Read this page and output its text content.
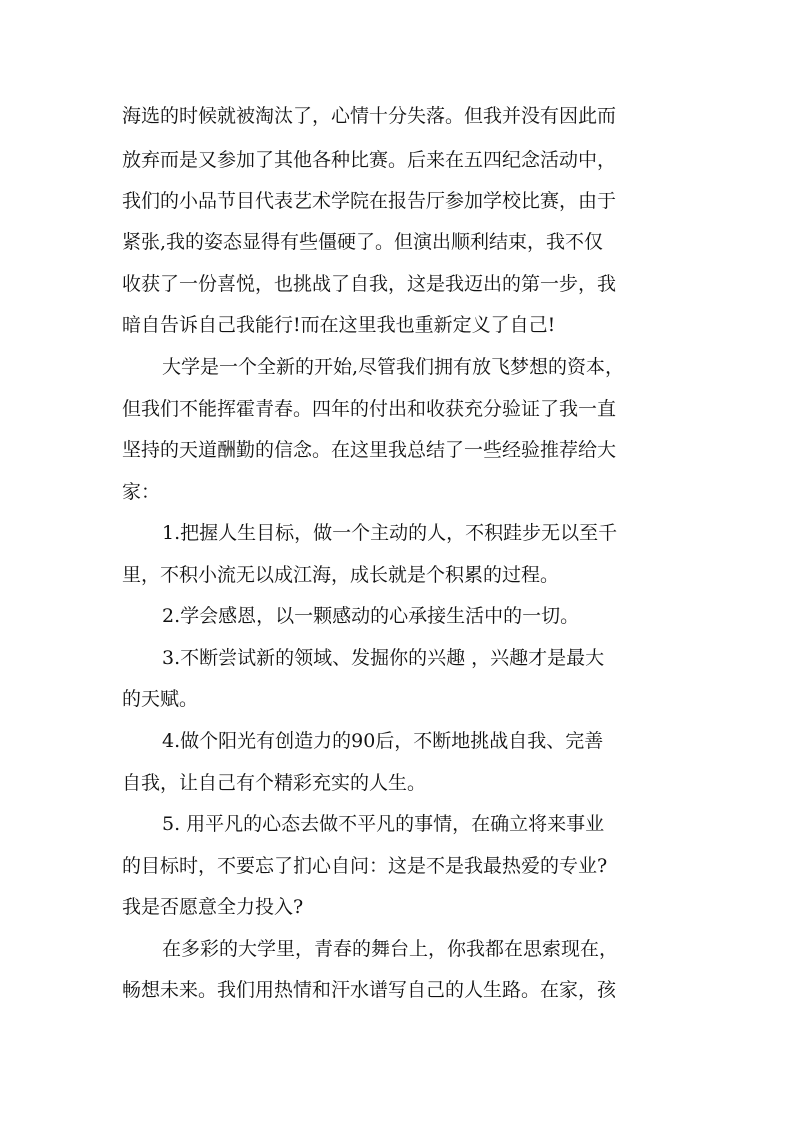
海选的时候就被淘汰了，心情十分失落。但我并没有因此而
放弃而是又参加了其他各种比赛。后来在五四纪念活动中，
我们的小品节目代表艺术学院在报告厅参加学校比赛，由于
紧张,我的姿态显得有些僵硬了。但演出顺利结束，我不仅
收获了一份喜悦，也挑战了自我，这是我迈出的第一步，我
暗自告诉自己我能行!而在这里我也重新定义了自己!
大学是一个全新的开始,尽管我们拥有放飞梦想的资本，
但我们不能挥霍青春。四年的付出和收获充分验证了我一直
坚持的天道酬勤的信念。在这里我总结了一些经验推荐给大
家：
1.把握人生目标，做一个主动的人，不积跬步无以至千
里，不积小流无以成江海，成长就是个积累的过程。
2.学会感恩，以一颗感动的心承接生活中的一切。
3.不断尝试新的领域、发掘你的兴趣 ，兴趣才是最大
的天赋。
4.做个阳光有创造力的90后，不断地挑战自我、完善
自我，让自己有个精彩充实的人生。
5. 用平凡的心态去做不平凡的事情，在确立将来事业
的目标时，不要忘了扪心自问：这是不是我最热爱的专业?
我是否愿意全力投入?
在多彩的大学里，青春的舞台上，你我都在思索现在，
畅想未来。我们用热情和汗水谱写自己的人生路。在家，孩
